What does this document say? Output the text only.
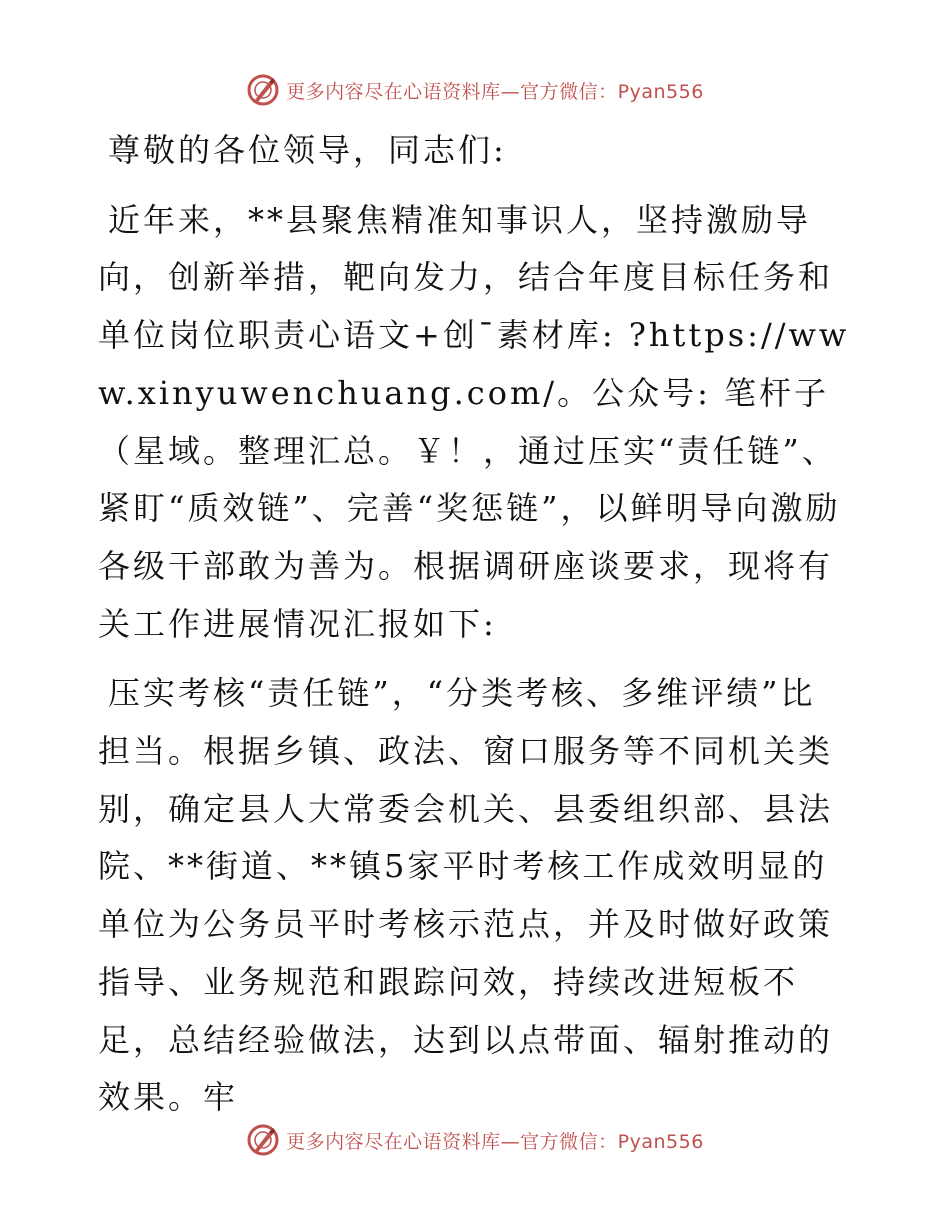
更多内容尽在心语资料库—官方微信：Pyan556

尊敬的各位领导，同志们:

近年来，**县聚焦精准知事识人，坚持激励导向，创新举措，靶向发力，结合年度目标任务和单位岗位职责心语文+创¯素材库: ?https://www.xinyuwenchuang.com/。公众号: 笔杆子（星域。整理汇总。￥！，通过压实“责任链”、紧盯“质效链”、完善“奖惩链”，以鲜明导向激励各级干部敢为善为。根据调研座谈要求，现将有关工作进展情况汇报如下:

压实考核“责任链”，“分类考核、多维评绩”比担当。根据乡镇、政法、窗口服务等不同机关类别，确定县人大常委会机关、县委组织部、县法院、**街道、**镇5家平时考核工作成效明显的单位为公务员平时考核示范点，并及时做好政策指导、业务规范和跟踪问效，持续改进短板不足，总结经验做法，达到以点带面、辐射推动的效果。牢

更多内容尽在心语资料库—官方微信：Pyan556
